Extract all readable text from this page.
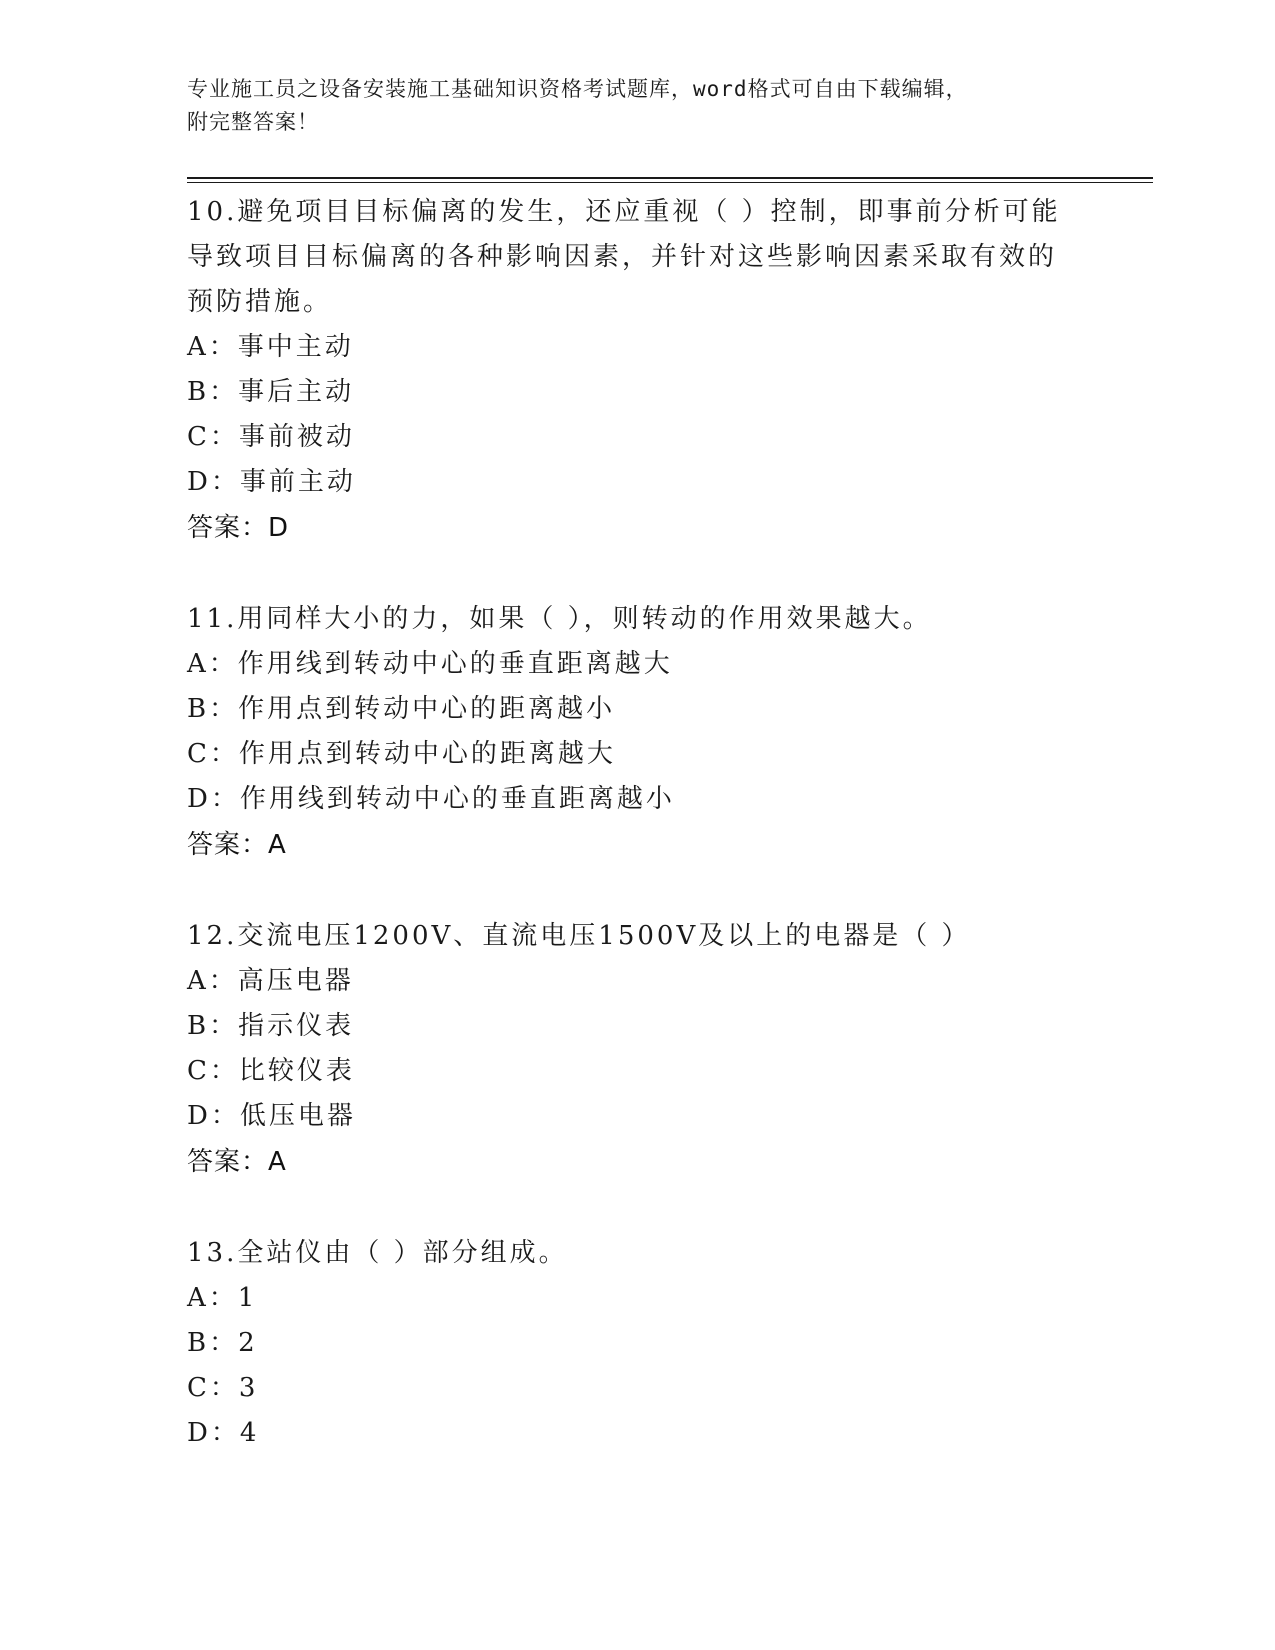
专业施工员之设备安装施工基础知识资格考试题库，word格式可自由下载编辑，
附完整答案！
10.避免项目目标偏离的发生，还应重视（ ）控制，即事前分析可能导致项目目标偏离的各种影响因素，并针对这些影响因素采取有效的预防措施。
A：事中主动
B：事后主动
C：事前被动
D：事前主动
答案：D
11.用同样大小的力，如果（ ），则转动的作用效果越大。
A：作用线到转动中心的垂直距离越大
B：作用点到转动中心的距离越小
C：作用点到转动中心的距离越大
D：作用线到转动中心的垂直距离越小
答案：A
12.交流电压1200V、直流电压1500V及以上的电器是（ ）
A：高压电器
B：指示仪表
C：比较仪表
D：低压电器
答案：A
13.全站仪由（ ）部分组成。
A：1
B：2
C：3
D：4
